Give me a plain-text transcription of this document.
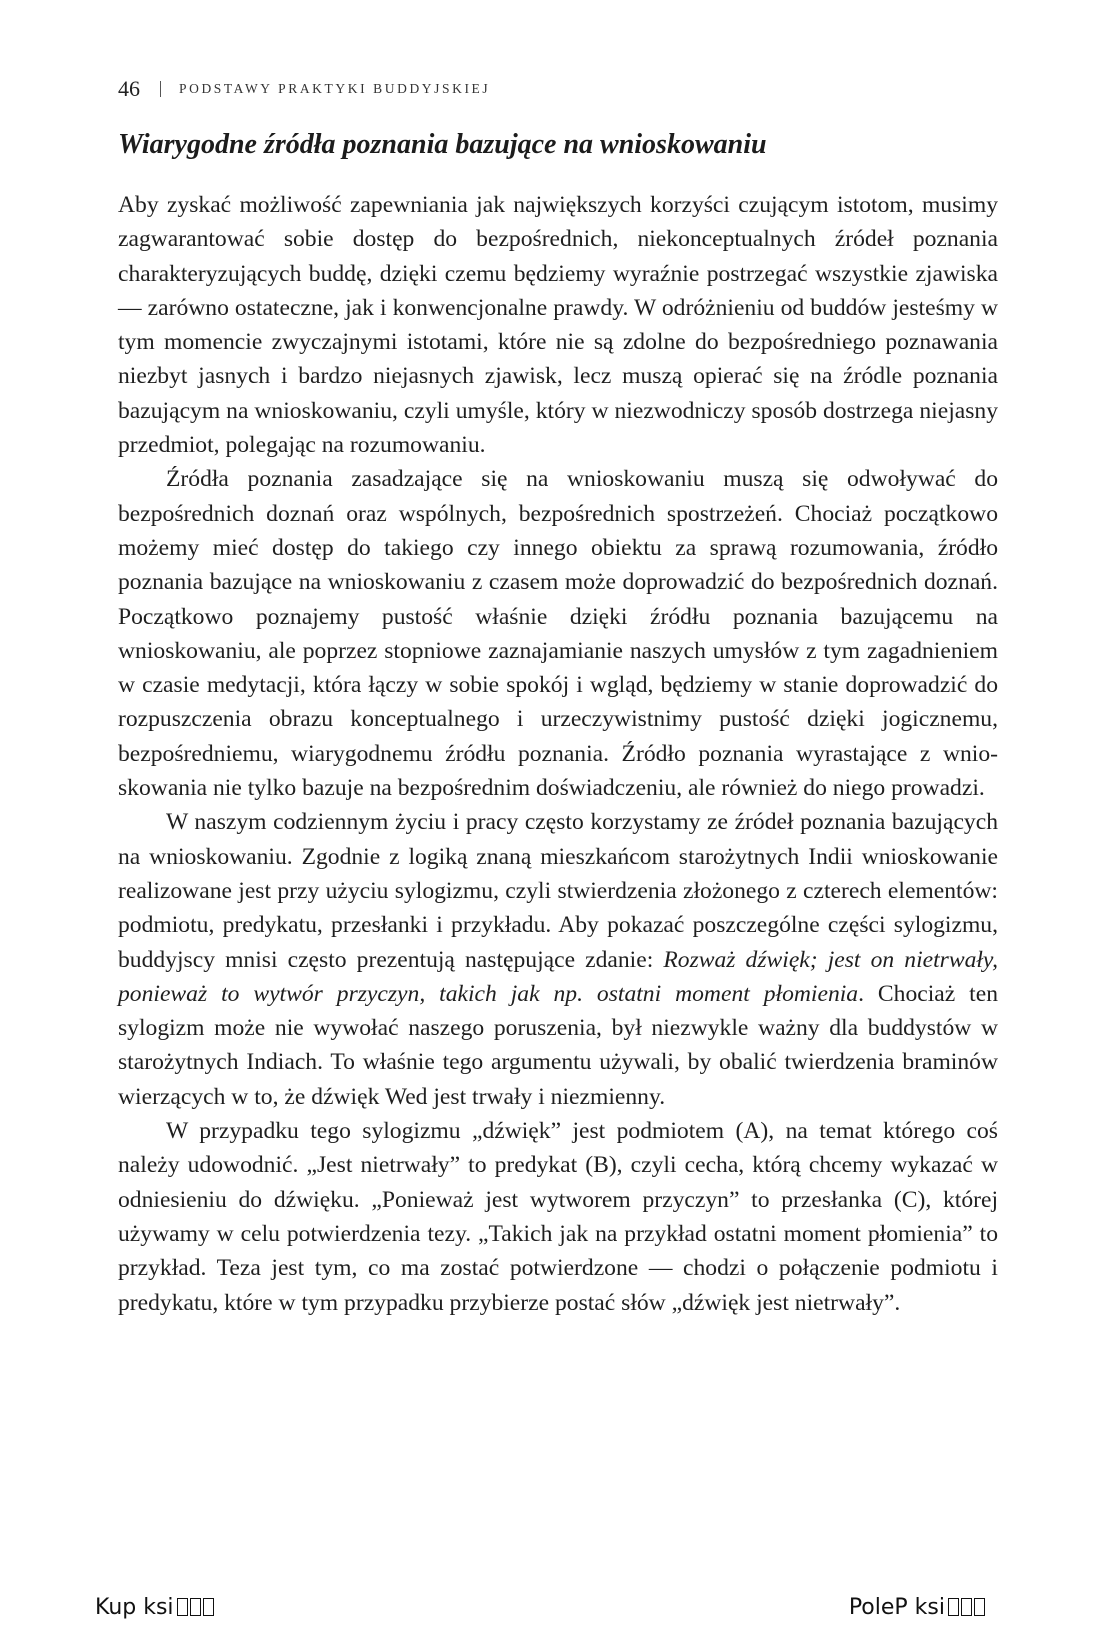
46	PODSTAWY PRAKTYKI BUDDYJSKIEJ
Wiarygodne źródła poznania bazujące na wnioskowaniu

Aby zyskać możliwość zapewniania jak największych korzyści czującym istotom, musimy zagwarantować sobie dostęp do bezpośrednich, niekonceptualnych źródeł poznania charakteryzujących buddę, dzięki czemu będziemy wyraźnie postrzegać wszystkie zjawiska — zarówno ostateczne, jak i konwencjonalne prawdy. W odróżnieniu od buddów jesteśmy w tym momencie zwyczajnymi istotami, które nie są zdolne do bezpośredniego poznawania niezbyt jasnych i bardzo niejasnych zjawisk, lecz muszą opierać się na źródle poznania bazującym na wnioskowaniu, czyli umyśle, który w niezwodniczy sposób dostrzega niejasny przedmiot, polegając na rozumowaniu.

Źródła poznania zasadzające się na wnioskowaniu muszą się odwoływać do bezpośrednich doznań oraz wspólnych, bezpośrednich spostrzeżeń. Chociaż początkowo możemy mieć dostęp do takiego czy innego obiektu za sprawą rozumowania, źródło poznania bazujące na wnioskowaniu z czasem może doprowadzić do bezpośrednich doznań. Początkowo poznajemy pustość właśnie dzięki źródłu poznania bazującemu na wnioskowaniu, ale poprzez stopniowe zaznajamianie naszych umysłów z tym zagadnieniem w czasie medytacji, która łączy w sobie spokój i wgląd, będziemy w stanie doprowadzić do rozpuszczenia obrazu konceptualnego i urzeczywistnimy pustość dzięki jogicznemu, bezpośredniemu, wiarygodnemu źródłu poznania. Źródło poznania wyrastające z wnioskowania nie tylko bazuje na bezpośrednim doświadczeniu, ale również do niego prowadzi.

W naszym codziennym życiu i pracy często korzystamy ze źródeł poznania bazujących na wnioskowaniu. Zgodnie z logiką znaną mieszkańcom starożytnych Indii wnioskowanie realizowane jest przy użyciu sylogizmu, czyli stwierdzenia złożonego z czterech elementów: podmiotu, predykatu, przesłanki i przykładu. Aby pokazać poszczególne części sylogizmu, buddyjscy mnisi często prezentują następujące zdanie: Rozważ dźwięk; jest on nietrwały, ponieważ to wytwór przyczyn, takich jak np. ostatni moment płomienia. Chociaż ten sylogizm może nie wywołać naszego poruszenia, był niezwykle ważny dla buddystów w starożytnych Indiach. To właśnie tego argumentu używali, by obalić twierdzenia braminów wierzących w to, że dźwięk Wed jest trwały i niezmienny.

W przypadku tego sylogizmu „dźwięk” jest podmiotem (A), na temat którego coś należy udowodnić. „Jest nietrwały” to predykat (B), czyli cecha, którą chcemy wykazać w odniesieniu do dźwięku. „Ponieważ jest wytworem przyczyn” to przesłanka (C), której używamy w celu potwierdzenia tezy. „Takich jak na przykład ostatni moment płomienia” to przykład. Teza jest tym, co ma zostać potwierdzone — chodzi o połączenie podmiotu i predykatu, które w tym przypadku przybierze postać słów „dźwięk jest nietrwały”.

Kup ksi	PoleP ksi
